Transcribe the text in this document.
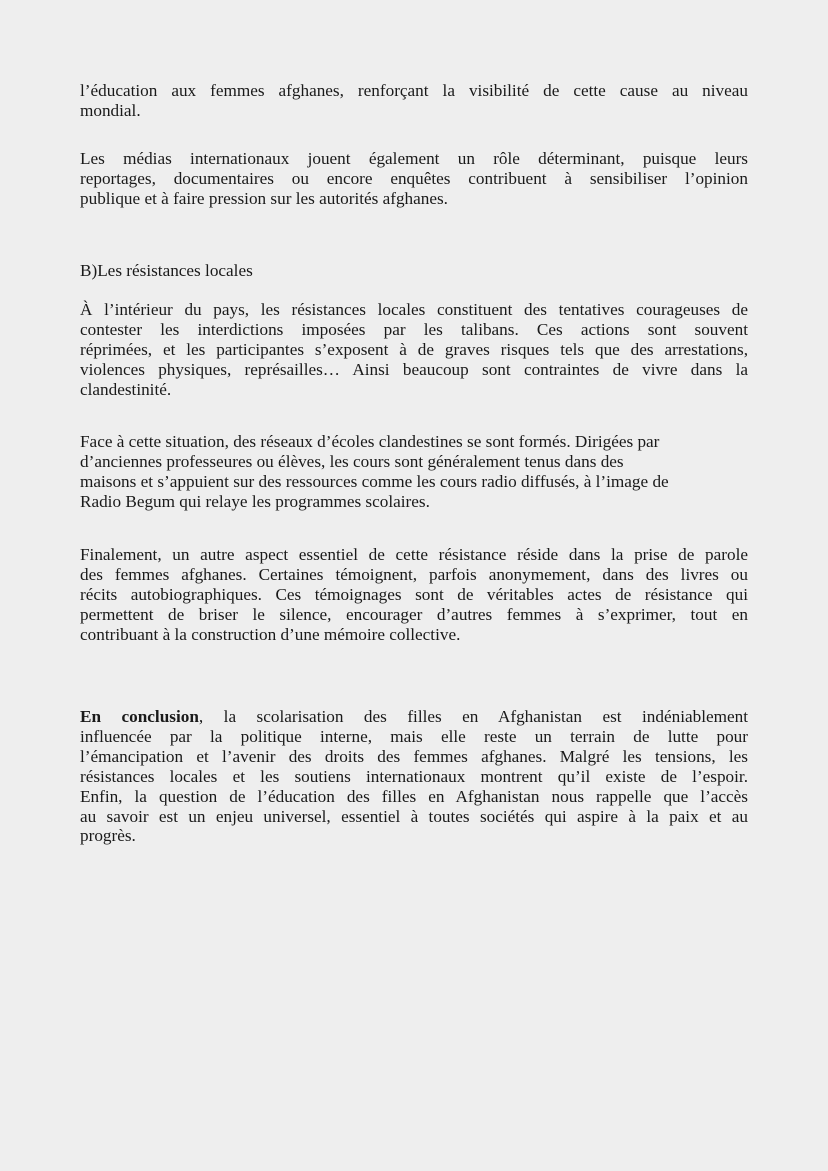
l’éducation aux femmes afghanes, renforçant la visibilité de cette cause au niveau
mondial.
Les médias internationaux jouent également un rôle déterminant, puisque leurs
reportages, documentaires ou encore enquêtes contribuent à sensibiliser l’opinion
publique et à faire pression sur les autorités afghanes.
B)Les résistances locales
À l’intérieur du pays, les résistances locales constituent des tentatives courageuses de
contester les interdictions imposées par les talibans. Ces actions sont souvent
réprimées, et les participantes s’exposent à de graves risques tels que des arrestations,
violences physiques, représailles… Ainsi beaucoup sont contraintes de vivre dans la
clandestinité.
Face à cette situation, des réseaux d’écoles clandestines se sont formés. Dirigées par
d’anciennes professeures ou élèves, les cours sont généralement tenus dans des
maisons et s’appuient sur des ressources comme les cours radio diffusés, à l’image de
Radio Begum qui relaye les programmes scolaires.
Finalement, un autre aspect essentiel de cette résistance réside dans la prise de parole
des femmes afghanes. Certaines témoignent, parfois anonymement, dans des livres ou
récits autobiographiques. Ces témoignages sont de véritables actes de résistance qui
permettent de briser le silence, encourager d’autres femmes à s’exprimer, tout en
contribuant à la construction d’une mémoire collective.
En conclusion, la scolarisation des filles en Afghanistan est indéniablement
influencée par la politique interne, mais elle reste un terrain de lutte pour
l’émancipation et l’avenir des droits des femmes afghanes. Malgré les tensions, les
résistances locales et les soutiens internationaux montrent qu’il existe de l’espoir.
Enfin, la question de l’éducation des filles en Afghanistan nous rappelle que l’accès
au savoir est un enjeu universel, essentiel à toutes sociétés qui aspire à la paix et au
progrès.
